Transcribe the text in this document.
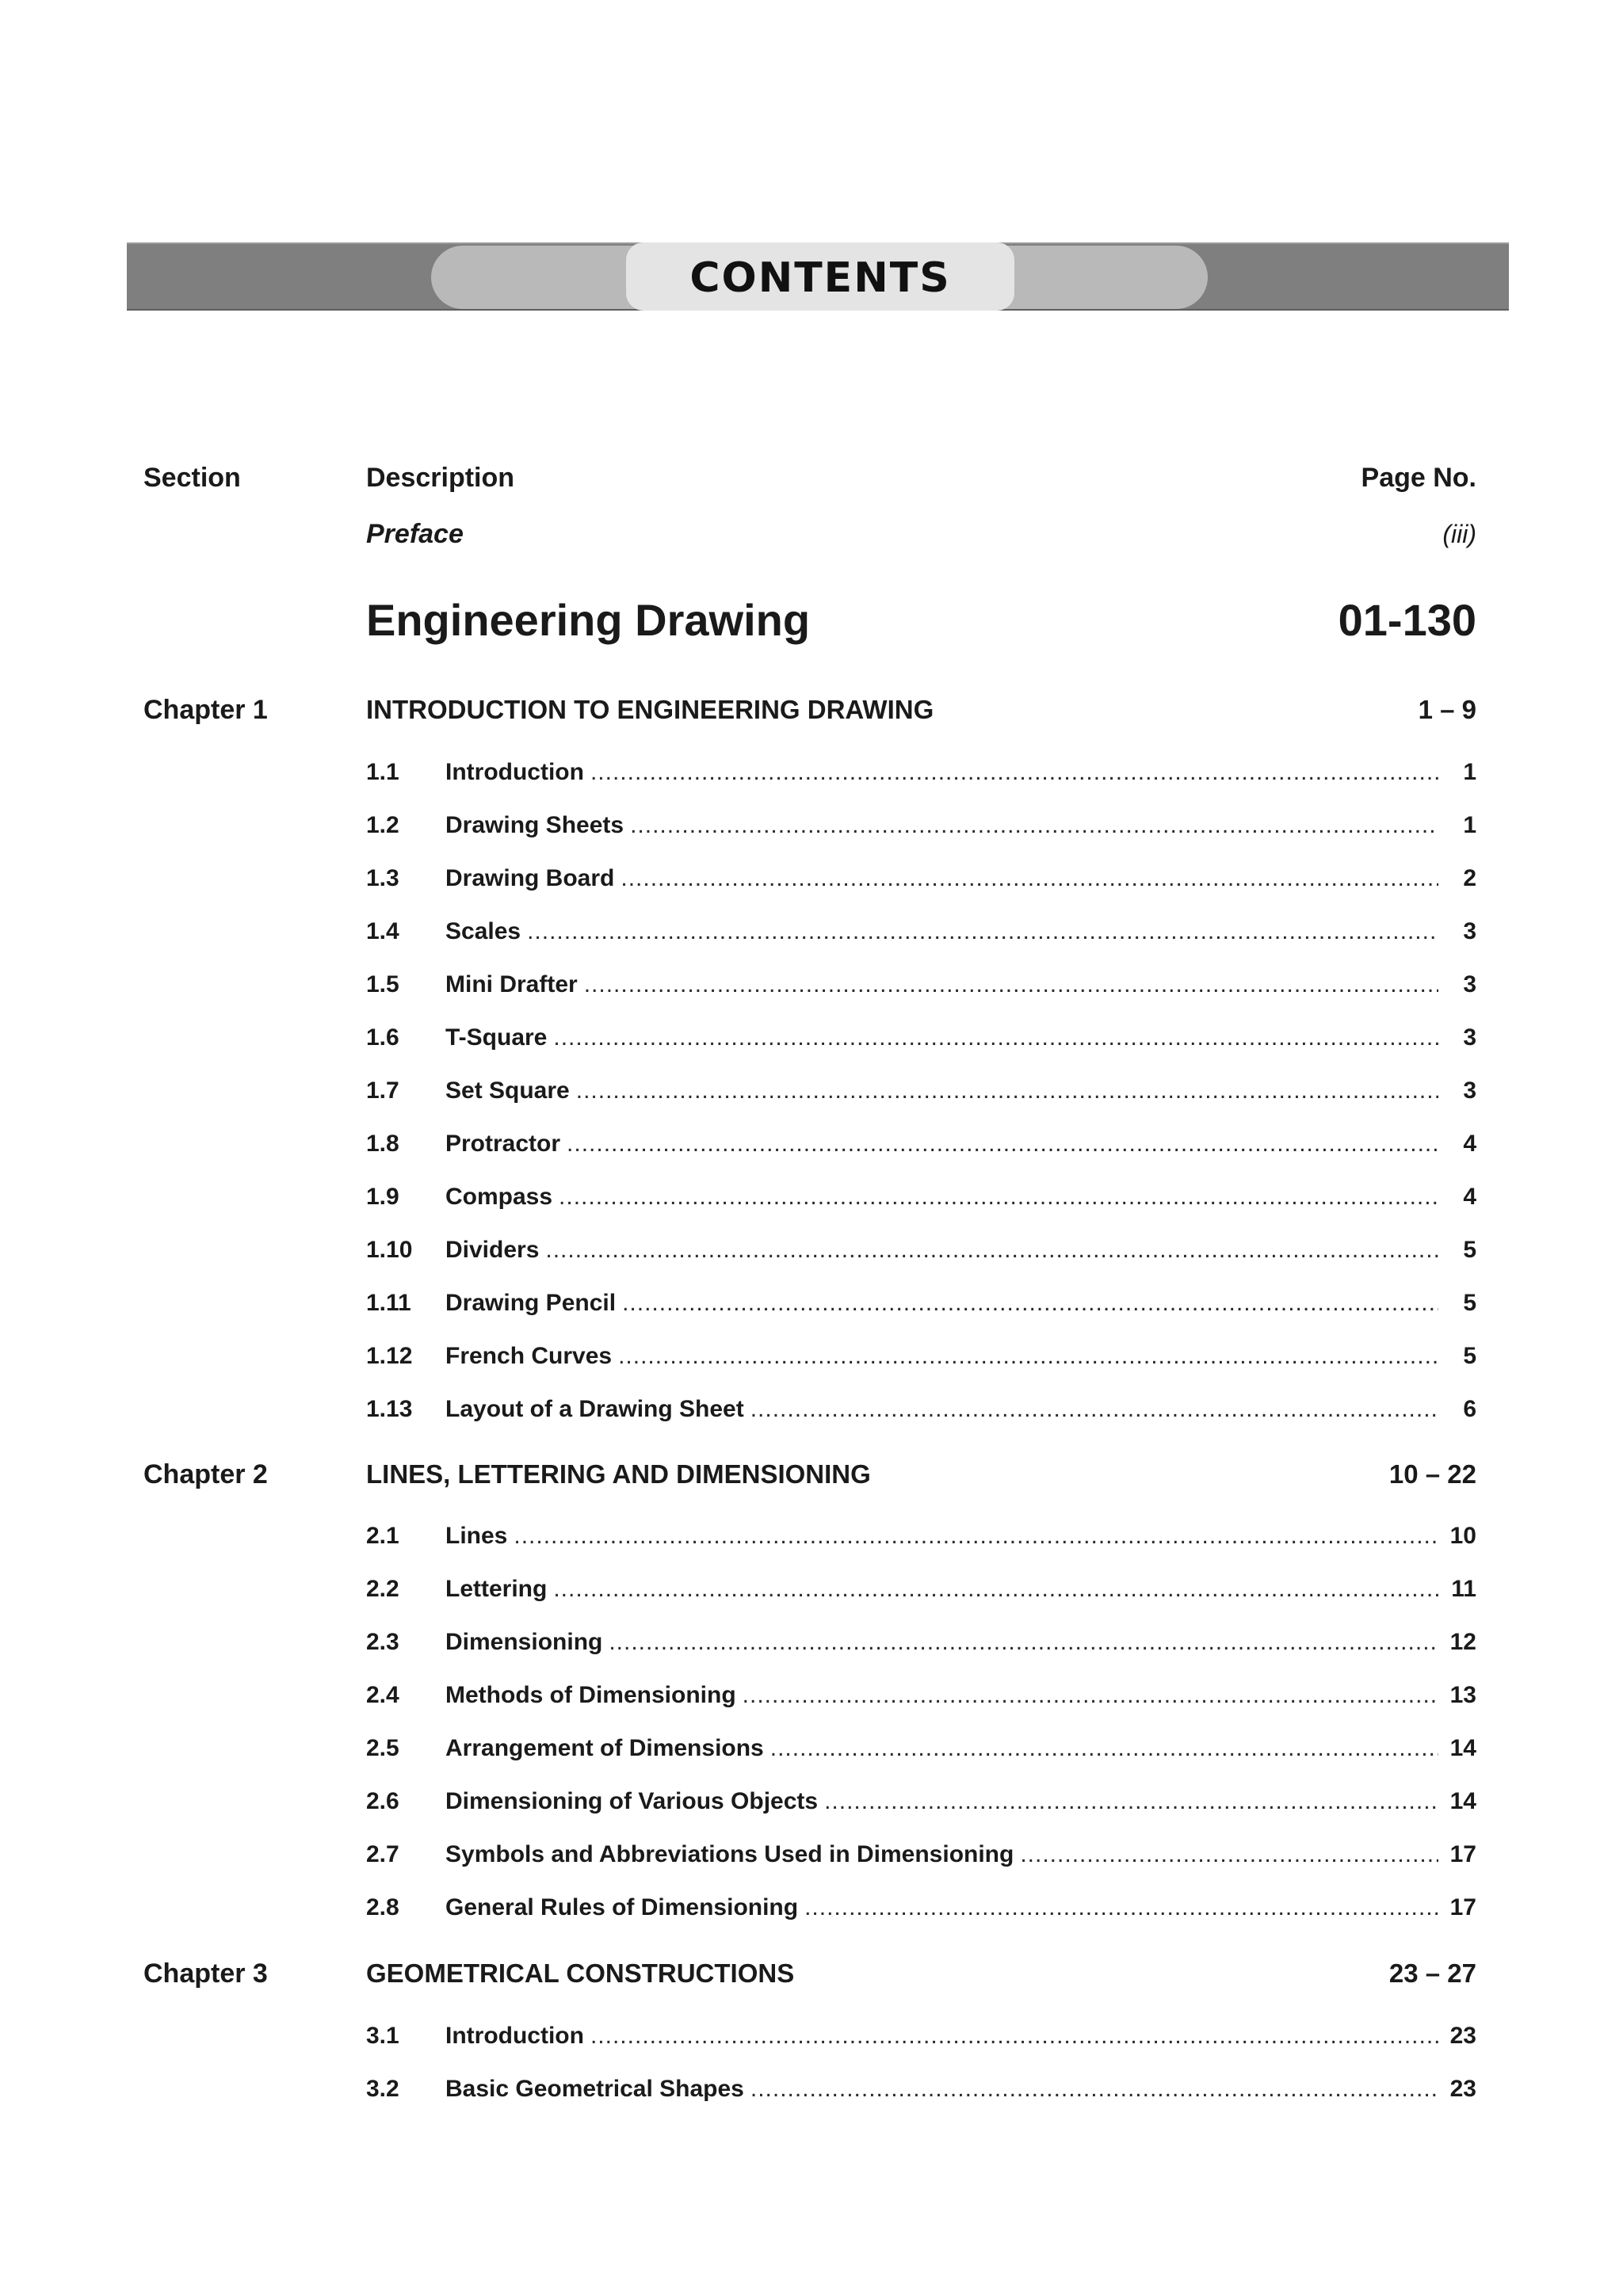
CONTENTS
Section	Description	Page No.
Preface	(iii)
Engineering Drawing	01-130
Chapter 1	INTRODUCTION TO ENGINEERING DRAWING	1 – 9
1.1 Introduction .....	1
1.2 Drawing Sheets .....	1
1.3 Drawing Board .....	2
1.4 Scales .....	3
1.5 Mini Drafter .....	3
1.6 T-Square .....	3
1.7 Set Square .....	3
1.8 Protractor .....	4
1.9 Compass .....	4
1.10 Dividers .....	5
1.11 Drawing Pencil .....	5
1.12 French Curves .....	5
1.13 Layout of a Drawing Sheet .....	6
Chapter 2	LINES, LETTERING AND DIMENSIONING	10 – 22
2.1 Lines .....	10
2.2 Lettering .....	11
2.3 Dimensioning .....	12
2.4 Methods of Dimensioning .....	13
2.5 Arrangement of Dimensions .....	14
2.6 Dimensioning of Various Objects .....	14
2.7 Symbols and Abbreviations Used in Dimensioning .....	17
2.8 General Rules of Dimensioning .....	17
Chapter 3	GEOMETRICAL CONSTRUCTIONS	23 – 27
3.1 Introduction .....	23
3.2 Basic Geometrical Shapes .....	23
